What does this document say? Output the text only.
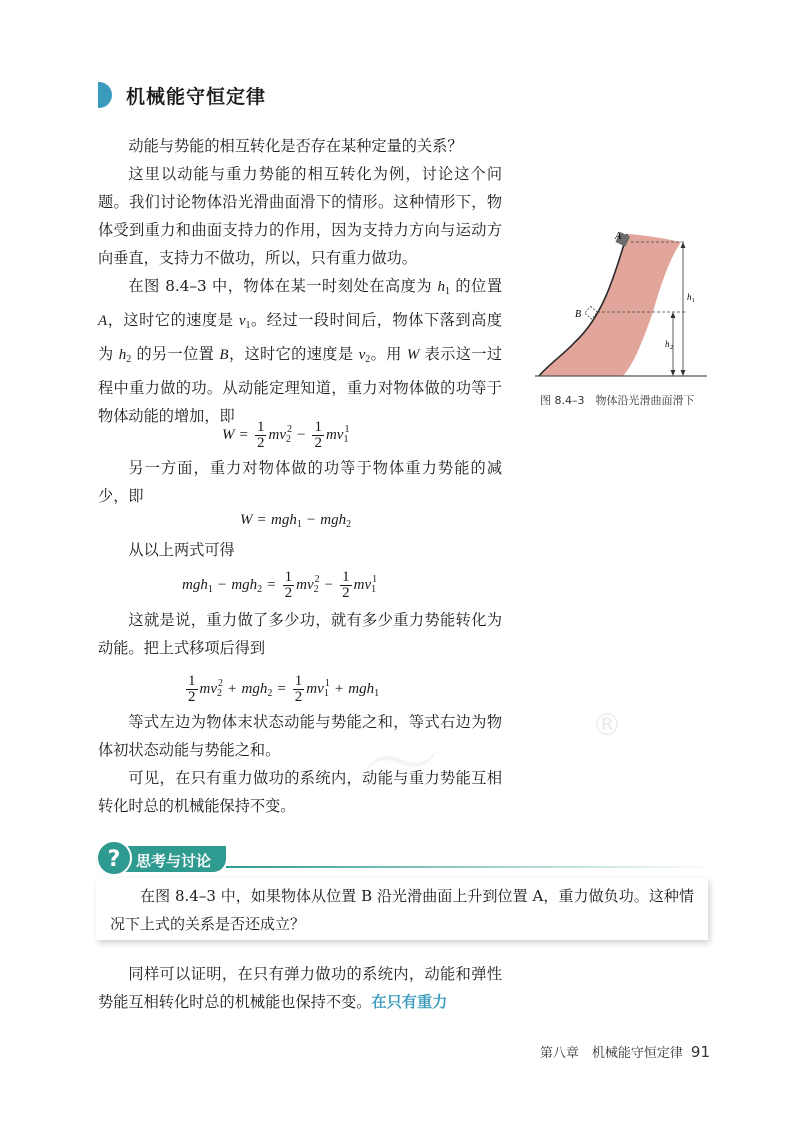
机械能守恒定律

动能与势能的相互转化是否存在某种定量的关系？

这里以动能与重力势能的相互转化为例，讨论这个问题。我们讨论物体沿光滑曲面滑下的情形。这种情形下，物体受到重力和曲面支持力的作用，因为支持力方向与运动方向垂直，支持力不做功，所以，只有重力做功。

在图 8.4–3 中，物体在某一时刻处在高度为 $h_1$ 的位置 A，这时它的速度是 $v_1$。经过一段时间后，物体下落到高度为 $h_2$ 的另一位置 B，这时它的速度是 $v_2$。用 W 表示这一过程中重力做的功。从动能定理知道，重力对物体做的功等于物体动能的增加，即

$W = \frac{1}{2} mv_2^2 - \frac{1}{2} mv_1^1$

另一方面，重力对物体做的功等于物体重力势能的减少，即

W = mgh$_1$ − mgh$_2$

从以上两式可得

$mgh_1 - mgh_2 = \frac{1}{2} mv_2^2 - \frac{1}{2} mv_1^1$

这就是说，重力做了多少功，就有多少重力势能转化为动能。把上式移项后得到

$\frac{1}{2} mv_2^2 + mgh_2 = \frac{1}{2} mv_1^1 + mgh_1$

等式左边为物体末状态动能与势能之和，等式右边为物体初状态动能与势能之和。

可见，在只有重力做功的系统内，动能与重力势能互相转化时总的机械能保持不变。

®
A
B
h 1
h 2
图 8.4–3　物体沿光滑曲面滑下
?	思考与讨论

在图 8.4–3 中，如果物体从位置 B 沿光滑曲面上升到位置 A，重力做负功。这种情况下上式的关系是否还成立？

同样可以证明，在只有弹力做功的系统内，动能和弹性势能互相转化时总的机械能也保持不变。在只有重力

第八章　机械能守恒定律 91
